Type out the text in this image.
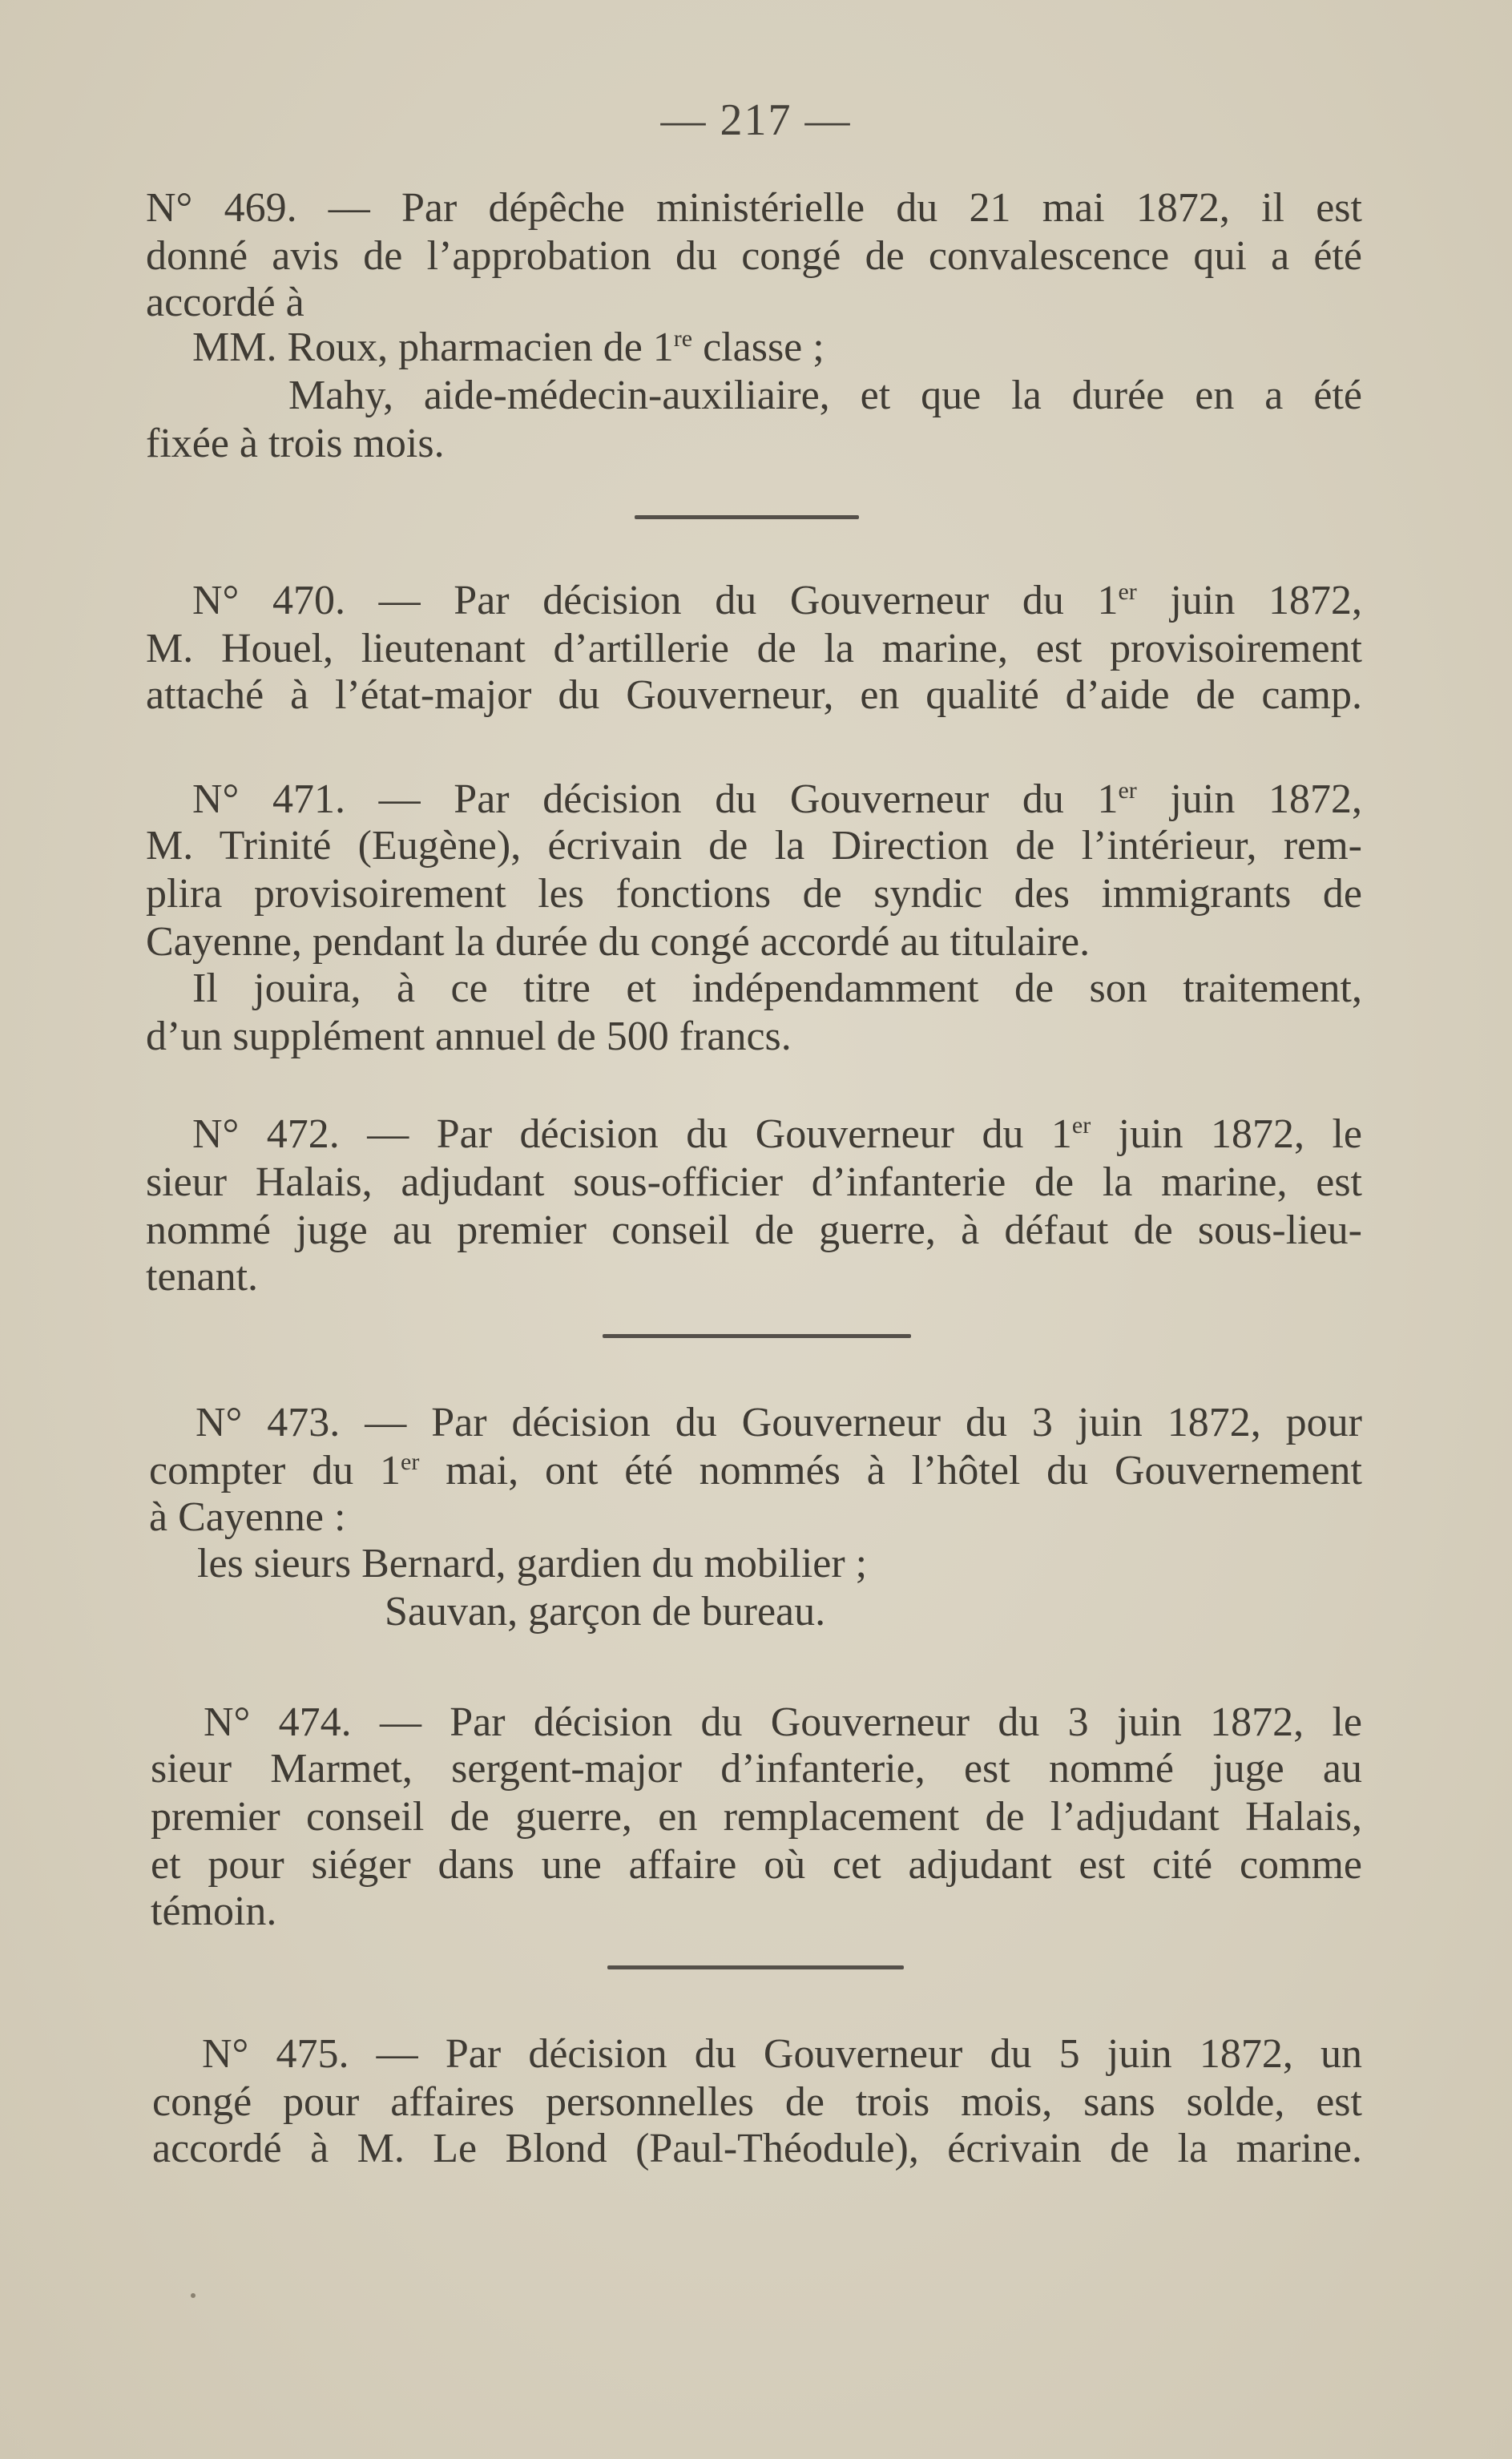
— 217 —
N° 469. –– Par dépêche ministérielle du 21 mai 1872, il est
donné avis de l’approbation du congé de convalescence qui a été
accordé à
MM. Roux, pharmacien de 1re classe ;
Mahy, aide-médecin-auxiliaire, et que la durée en a été
fixée à trois mois.
N° 470. — Par décision du Gouverneur du 1er juin 1872,
M. Houel, lieutenant d’artillerie de la marine, est provisoirement
attaché à l’état-major du Gouverneur, en qualité d’aide de camp.
N° 471. — Par décision du Gouverneur du 1er juin 1872,
M. Trinité (Eugène), écrivain de la Direction de l’intérieur, rem-
plira provisoirement les fonctions de syndic des immigrants de
Cayenne, pendant la durée du congé accordé au titulaire.
Il jouira, à ce titre et indépendamment de son traitement,
d’un supplément annuel de 500 francs.
N° 472. — Par décision du Gouverneur du 1er juin 1872, le
sieur Halais, adjudant sous-officier d’infanterie de la marine, est
nommé juge au premier conseil de guerre, à défaut de sous-lieu-
tenant.
N° 473. — Par décision du Gouverneur du 3 juin 1872, pour
compter du 1er mai, ont été nommés à l’hôtel du Gouvernement
à Cayenne :
les sieurs Bernard, gardien du mobilier ;
Sauvan, garçon de bureau.
N° 474. — Par décision du Gouverneur du 3 juin 1872, le
sieur Marmet, sergent-major d’infanterie, est nommé juge au
premier conseil de guerre, en remplacement de l’adjudant Halais,
et pour siéger dans une affaire où cet adjudant est cité comme
témoin.
N° 475. — Par décision du Gouverneur du 5 juin 1872, un
congé pour affaires personnelles de trois mois, sans solde, est
accordé à M. Le Blond (Paul-Théodule), écrivain de la marine.
